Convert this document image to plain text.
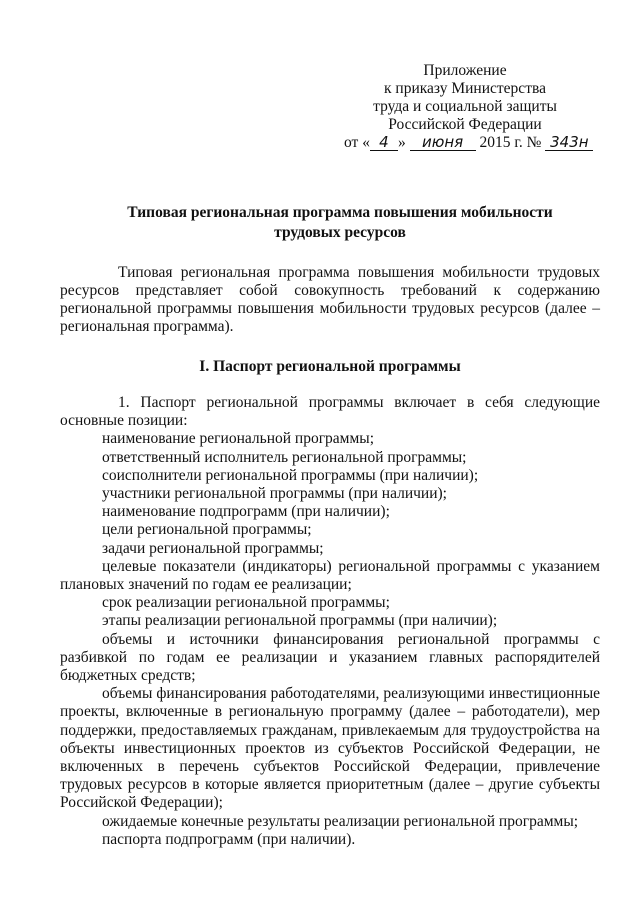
Приложение
к приказу Министерства
труда и социальной защиты
Российской Федерации
от « 4 » июня 2015 г. № 343н
Типовая региональная программа повышения мобильности
трудовых ресурсов

Типовая региональная программа повышения мобильности трудовых ресурсов представляет собой совокупность требований к содержанию региональной программы повышения мобильности трудовых ресурсов (далее – региональная программа).

I. Паспорт региональной программы

1. Паспорт региональной программы включает в себя следующие основные позиции:

наименование региональной программы;

ответственный исполнитель региональной программы;

соисполнители региональной программы (при наличии);

участники региональной программы (при наличии);

наименование подпрограмм (при наличии);

цели региональной программы;

задачи региональной программы;

целевые показатели (индикаторы) региональной программы с указанием плановых значений по годам ее реализации;

срок реализации региональной программы;

этапы реализации региональной программы (при наличии);

объемы и источники финансирования региональной программы с разбивкой по годам ее реализации и указанием главных распорядителей бюджетных средств;

объемы финансирования работодателями, реализующими инвестиционные проекты, включенные в региональную программу (далее – работодатели), мер поддержки, предоставляемых гражданам, привлекаемым для трудоустройства на объекты инвестиционных проектов из субъектов Российской Федерации, не включенных в перечень субъектов Российской Федерации, привлечение трудовых ресурсов в которые является приоритетным (далее – другие субъекты Российской Федерации);

ожидаемые конечные результаты реализации региональной программы;

паспорта подпрограмм (при наличии).
